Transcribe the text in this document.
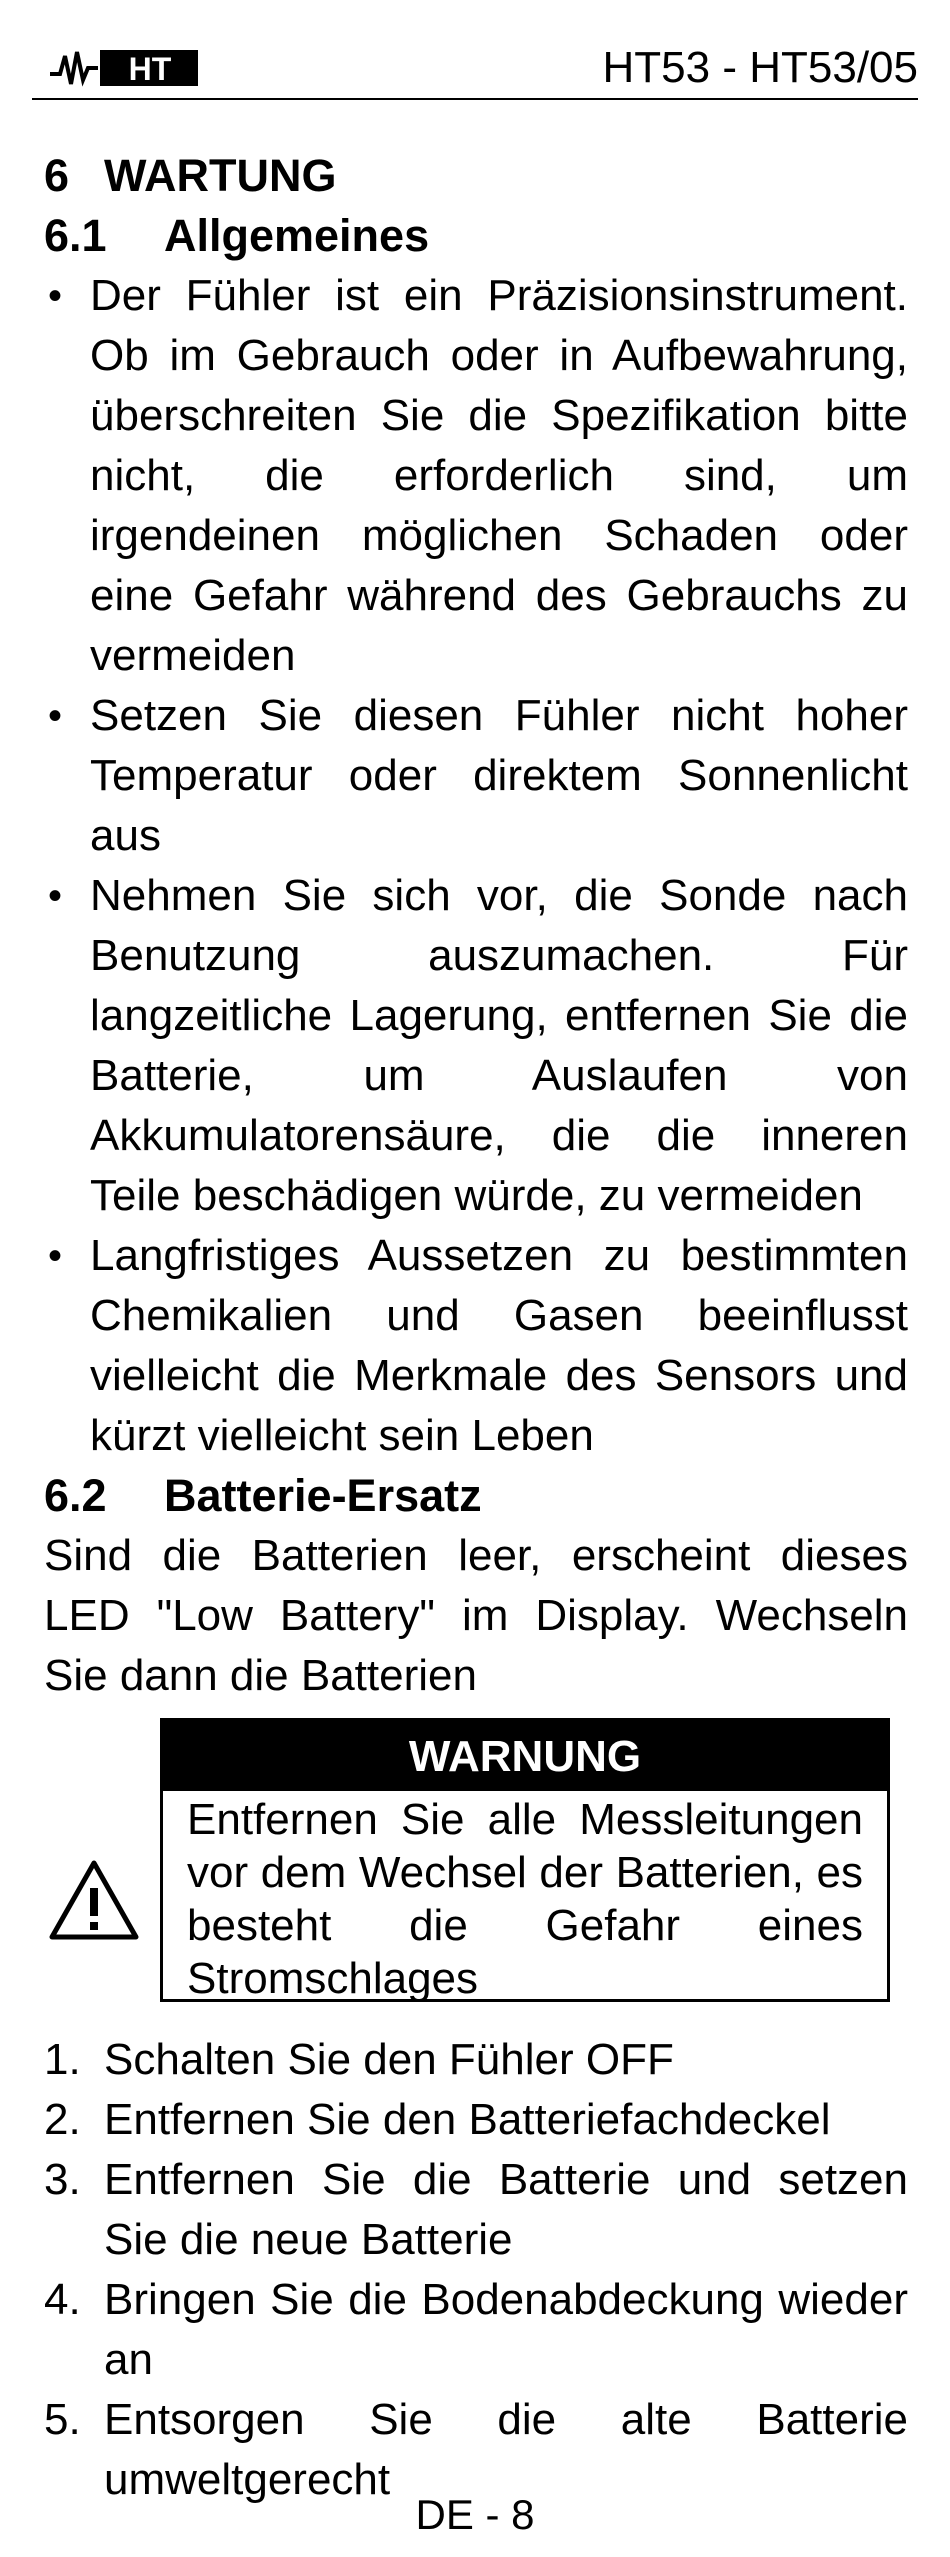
HT	HT53 - HT53/05
6 WARTUNG
6.1 Allgemeines
• Der Fühler ist ein Präzisionsinstrument. Ob im Gebrauch oder in Aufbewahrung, überschreiten Sie die Spezifikation bitte nicht, die erforderlich sind, um irgendeinen möglichen Schaden oder eine Gefahr während des Gebrauchs zu vermeiden
• Setzen Sie diesen Fühler nicht hoher Temperatur oder direktem Sonnenlicht aus
• Nehmen Sie sich vor, die Sonde nach Benutzung auszumachen. Für langzeitliche Lagerung, entfernen Sie die Batterie, um Auslaufen von Akkumulatorensäure, die die inneren Teile beschädigen würde, zu vermeiden
• Langfristiges Aussetzen zu bestimmten Chemikalien und Gasen beeinflusst vielleicht die Merkmale des Sensors und kürzt vielleicht sein Leben
6.2 Batterie-Ersatz
Sind die Batterien leer, erscheint dieses LED "Low Battery" im Display. Wechseln Sie dann die Batterien
WARNUNG
Entfernen Sie alle Messleitungen vor dem Wechsel der Batterien, es besteht die Gefahr eines Stromschlages
1. Schalten Sie den Fühler OFF
2. Entfernen Sie den Batteriefachdeckel
3. Entfernen Sie die Batterie und setzen Sie die neue Batterie
4. Bringen Sie die Bodenabdeckung wieder an
5. Entsorgen Sie die alte Batterie umweltgerecht
DE - 8
